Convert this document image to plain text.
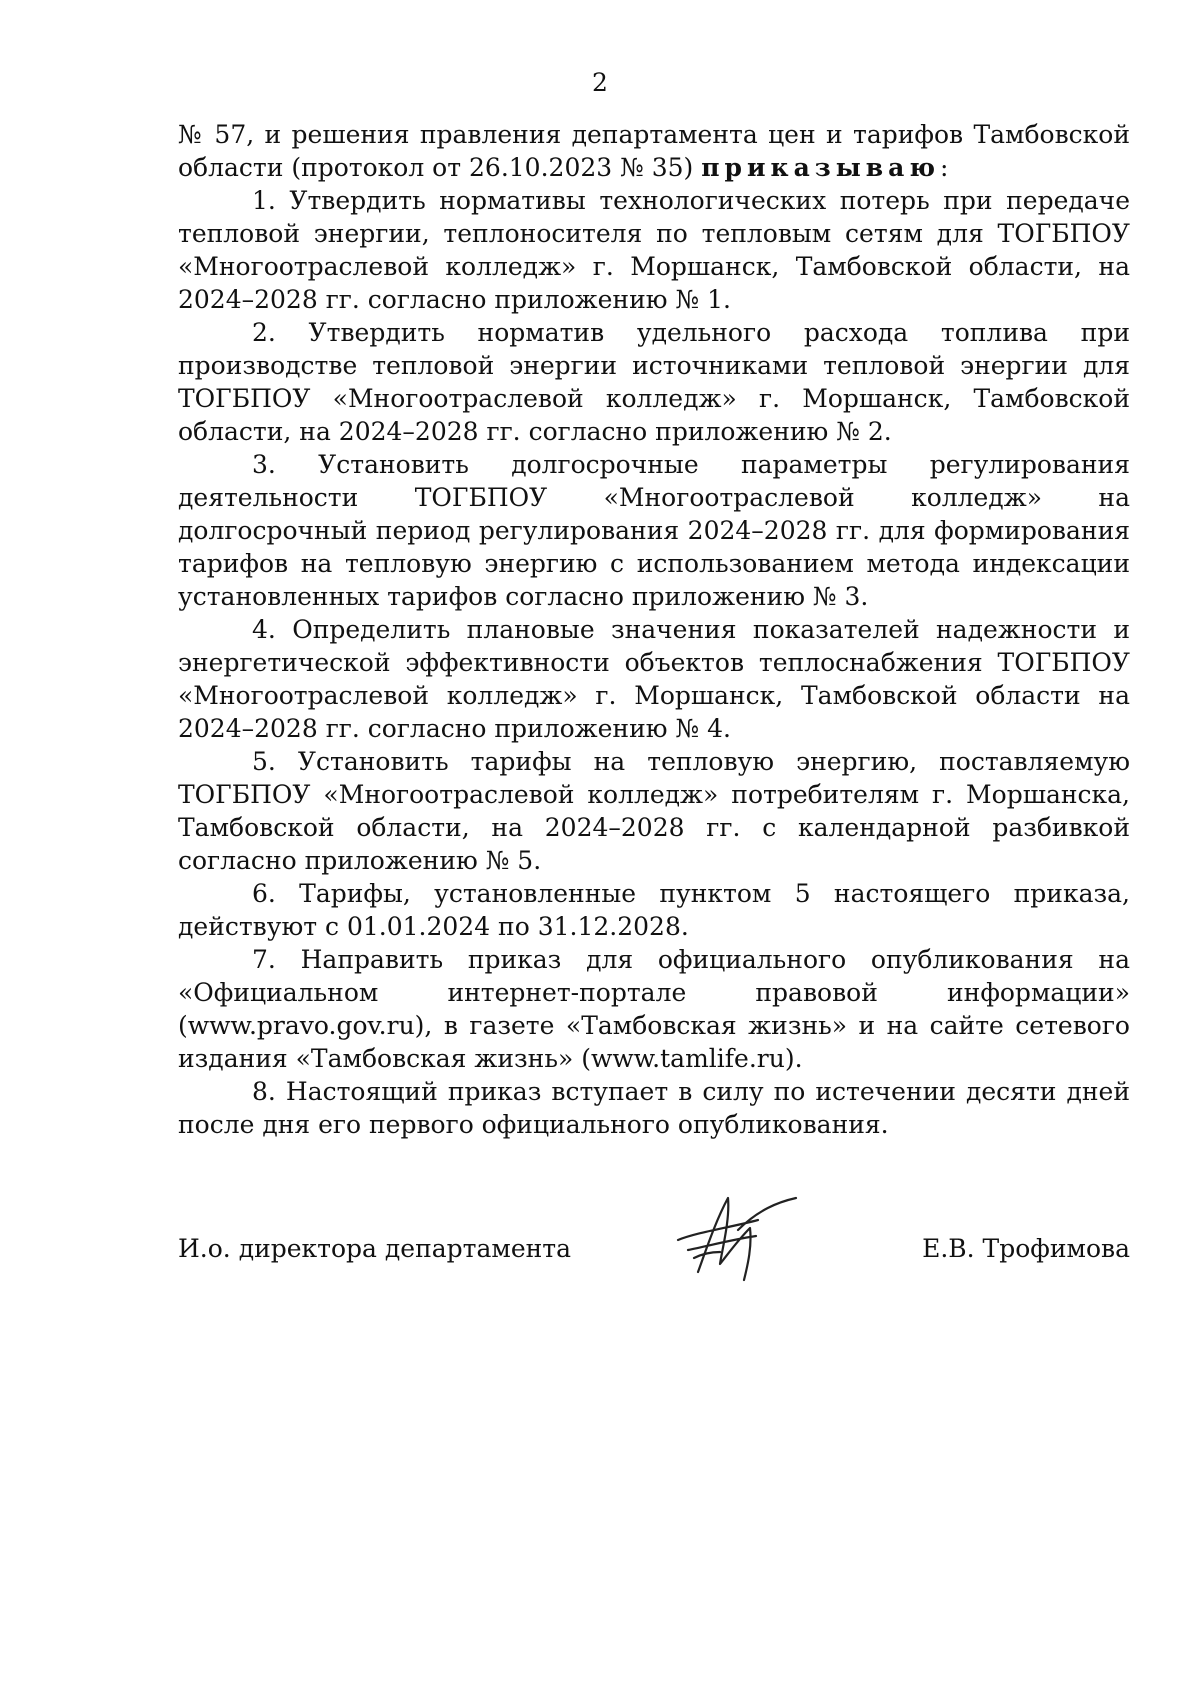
2

№ 57, и решения правления департамента цен и тарифов Тамбовской области (протокол от 26.10.2023 № 35) приказываю:

1. Утвердить нормативы технологических потерь при передаче тепловой энергии, теплоносителя по тепловым сетям для ТОГБПОУ «Многоотраслевой колледж» г. Моршанск, Тамбовской области, на 2024–2028 гг. согласно приложению № 1.

2. Утвердить норматив удельного расхода топлива при производстве тепловой энергии источниками тепловой энергии для ТОГБПОУ «Многоотраслевой колледж» г. Моршанск, Тамбовской области, на 2024–2028 гг. согласно приложению № 2.

3. Установить долгосрочные параметры регулирования деятельности ТОГБПОУ «Многоотраслевой колледж» на долгосрочный период регулирования 2024–2028 гг. для формирования тарифов на тепловую энергию с использованием метода индексации установленных тарифов согласно приложению № 3.

4. Определить плановые значения показателей надежности и энергетической эффективности объектов теплоснабжения ТОГБПОУ «Многоотраслевой колледж» г. Моршанск, Тамбовской области на 2024–2028 гг. согласно приложению № 4.

5. Установить тарифы на тепловую энергию, поставляемую ТОГБПОУ «Многоотраслевой колледж» потребителям г. Моршанска, Тамбовской области, на 2024–2028 гг. с календарной разбивкой согласно приложению № 5.

6. Тарифы, установленные пунктом 5 настоящего приказа, действуют с 01.01.2024 по 31.12.2028.

7. Направить приказ для официального опубликования на «Официальном интернет-портале правовой информации» (www.pravo.gov.ru), в газете «Тамбовская жизнь» и на сайте сетевого издания «Тамбовская жизнь» (www.tamlife.ru).

8. Настоящий приказ вступает в силу по истечении десяти дней после дня его первого официального опубликования.

И.о. директора департамента	Е.В. Трофимова
